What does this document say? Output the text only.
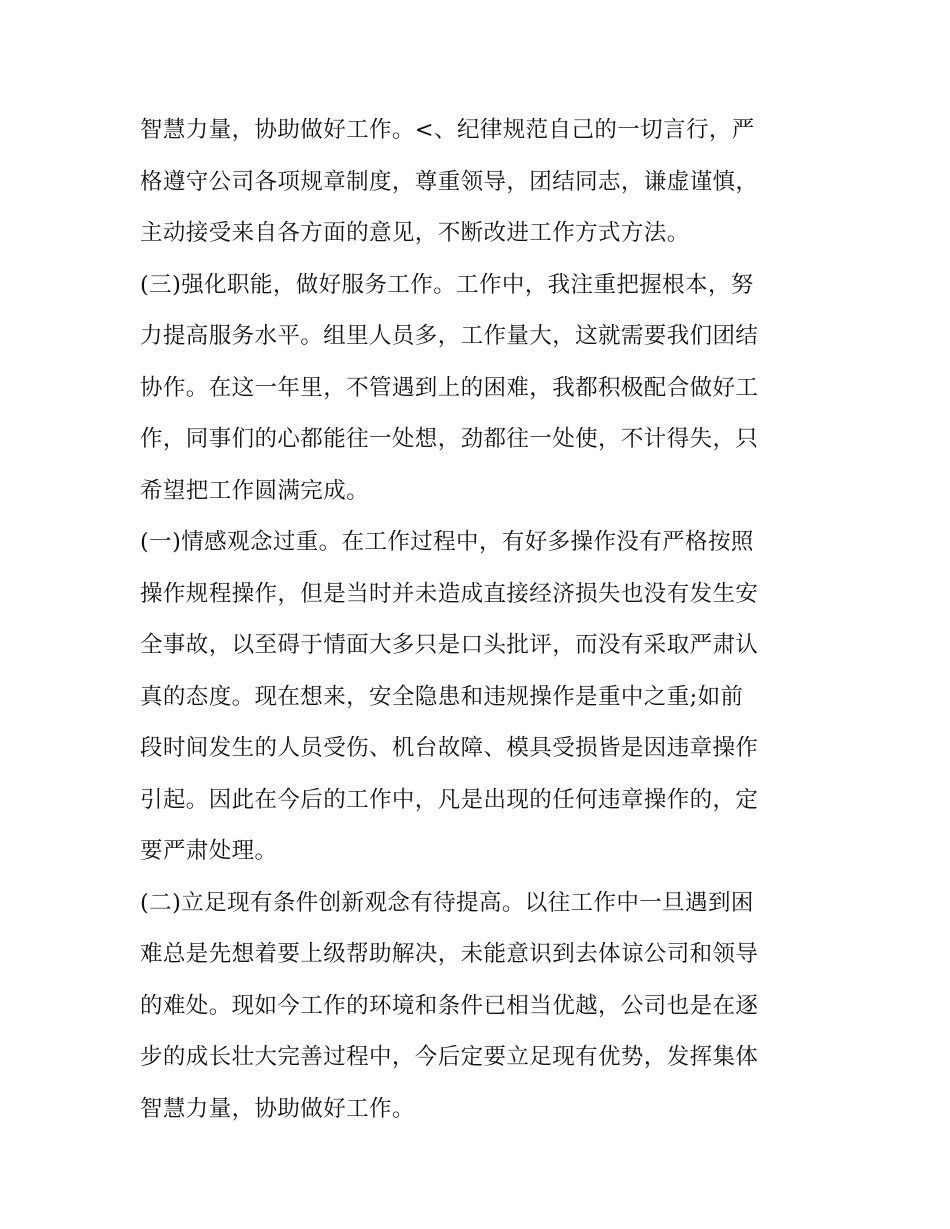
智慧力量，协助做好工作。<、纪律规范自己的一切言行，严
格遵守公司各项规章制度，尊重领导，团结同志，谦虚谨慎，
主动接受来自各方面的意见，不断改进工作方式方法。
(三)强化职能，做好服务工作。工作中，我注重把握根本，努
力提高服务水平。组里人员多，工作量大，这就需要我们团结
协作。在这一年里，不管遇到上的困难，我都积极配合做好工
作，同事们的心都能往一处想，劲都往一处使，不计得失，只
希望把工作圆满完成。
(一)情感观念过重。在工作过程中，有好多操作没有严格按照
操作规程操作，但是当时并未造成直接经济损失也没有发生安
全事故，以至碍于情面大多只是口头批评，而没有采取严肃认
真的态度。现在想来，安全隐患和违规操作是重中之重;如前
段时间发生的人员受伤、机台故障、模具受损皆是因违章操作
引起。因此在今后的工作中，凡是出现的任何违章操作的，定
要严肃处理。
(二)立足现有条件创新观念有待提高。以往工作中一旦遇到困
难总是先想着要上级帮助解决，未能意识到去体谅公司和领导
的难处。现如今工作的环境和条件已相当优越，公司也是在逐
步的成长壮大完善过程中，今后定要立足现有优势，发挥集体
智慧力量，协助做好工作。
